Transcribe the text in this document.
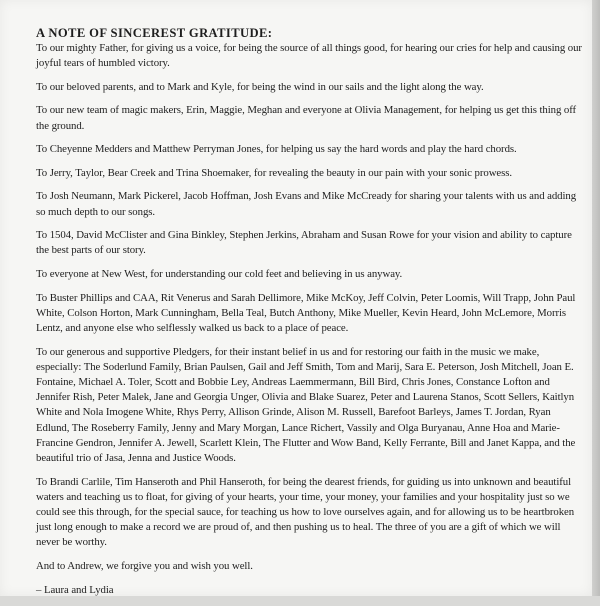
A NOTE OF SINCEREST GRATITUDE:

To our mighty Father, for giving us a voice, for being the source of all things good, for hearing our cries for help and causing our joyful tears of humbled victory.

To our beloved parents, and to Mark and Kyle, for being the wind in our sails and the light along the way.

To our new team of magic makers, Erin, Maggie, Meghan and everyone at Olivia Management, for helping us get this thing off the ground.

To Cheyenne Medders and Matthew Perryman Jones, for helping us say the hard words and play the hard chords.

To Jerry, Taylor, Bear Creek and Trina Shoemaker, for revealing the beauty in our pain with your sonic prowess.

To Josh Neumann, Mark Pickerel, Jacob Hoffman, Josh Evans and Mike McCready for sharing your talents with us and adding so much depth to our songs.

To 1504, David McClister and Gina Binkley, Stephen Jerkins, Abraham and Susan Rowe for your vision and ability to capture the best parts of our story.

To everyone at New West, for understanding our cold feet and believing in us anyway.

To Buster Phillips and CAA, Rit Venerus and Sarah Dellimore, Mike McKoy, Jeff Colvin, Peter Loomis, Will Trapp, John Paul White, Colson Horton, Mark Cunningham, Bella Teal, Butch Anthony, Mike Mueller, Kevin Heard, John McLemore, Morris Lentz, and anyone else who selflessly walked us back to a place of peace.

To our generous and supportive Pledgers, for their instant belief in us and for restoring our faith in the music we make, especially: The Soderlund Family, Brian Paulsen, Gail and Jeff Smith, Tom and Marij, Sara E. Peterson, Josh Mitchell, Joan E. Fontaine, Michael A. Toler, Scott and Bobbie Ley, Andreas Laemmermann, Bill Bird, Chris Jones, Constance Lofton and Jennifer Rish, Peter Malek, Jane and Georgia Unger, Olivia and Blake Suarez, Peter and Laurena Stanos, Scott Sellers, Kaitlyn White and Nola Imogene White, Rhys Perry, Allison Grinde, Alison M. Russell, Barefoot Barleys, James T. Jordan, Ryan Edlund, The Roseberry Family, Jenny and Mary Morgan, Lance Richert, Vassily and Olga Buryanau, Anne Hoa and Marie-Francine Gendron, Jennifer A. Jewell, Scarlett Klein, The Flutter and Wow Band, Kelly Ferrante, Bill and Janet Kappa, and the beautiful trio of Jasa, Jenna and Justice Woods.

To Brandi Carlile, Tim Hanseroth and Phil Hanseroth, for being the dearest friends, for guiding us into unknown and beautiful waters and teaching us to float, for giving of your hearts, your time, your money, your families and your hospitality just so we could see this through, for the special sauce, for teaching us how to love ourselves again, and for allowing us to be heartbroken just long enough to make a record we are proud of, and then pushing us to heal. The three of you are a gift of which we will never be worthy.

And to Andrew, we forgive you and wish you well.

– Laura and Lydia
